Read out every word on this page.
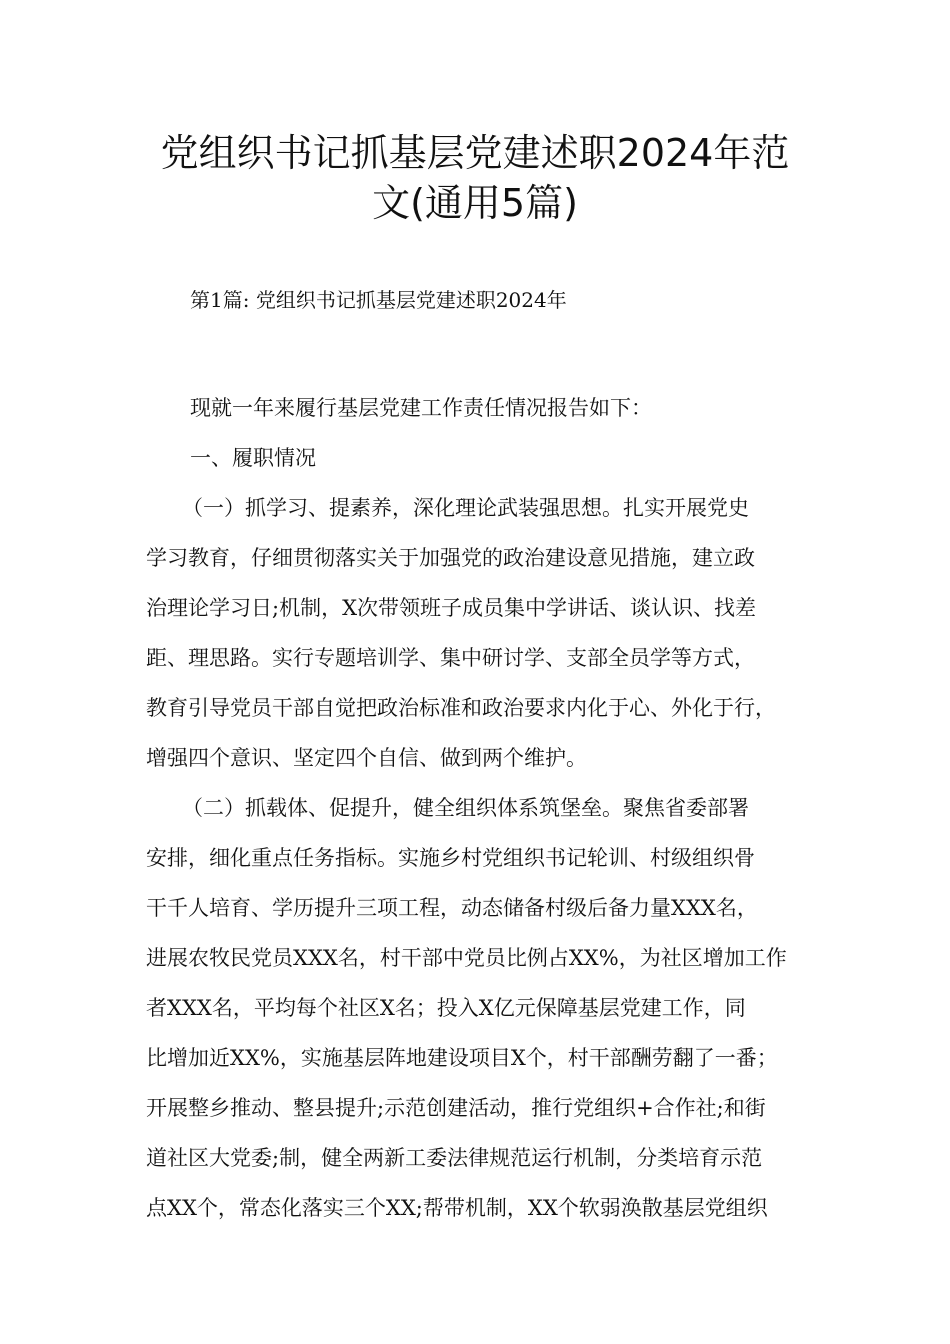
党组织书记抓基层党建述职2024年范
文(通用5篇)
第1篇: 党组织书记抓基层党建述职2024年
现就一年来履行基层党建工作责任情况报告如下：
一、履职情况
（一）抓学习、提素养，深化理论武装强思想。扎实开展党史
学习教育，仔细贯彻落实关于加强党的政治建设意见措施，建立政
治理论学习日;机制，X次带领班子成员集中学讲话、谈认识、找差
距、理思路。实行专题培训学、集中研讨学、支部全员学等方式，
教育引导党员干部自觉把政治标准和政治要求内化于心、外化于行，
增强四个意识、坚定四个自信、做到两个维护。
（二）抓载体、促提升，健全组织体系筑堡垒。聚焦省委部署
安排，细化重点任务指标。实施乡村党组织书记轮训、村级组织骨
干千人培育、学历提升三项工程，动态储备村级后备力量XXX名，
进展农牧民党员XXX名，村干部中党员比例占XX%，为社区增加工作
者XXX名，平均每个社区X名；投入X亿元保障基层党建工作，同
比增加近XX%，实施基层阵地建设项目X个，村干部酬劳翻了一番；
开展整乡推动、整县提升;示范创建活动，推行党组织+合作社;和街
道社区大党委;制，健全两新工委法律规范运行机制，分类培育示范
点XX个，常态化落实三个XX;帮带机制，XX个软弱涣散基层党组织
